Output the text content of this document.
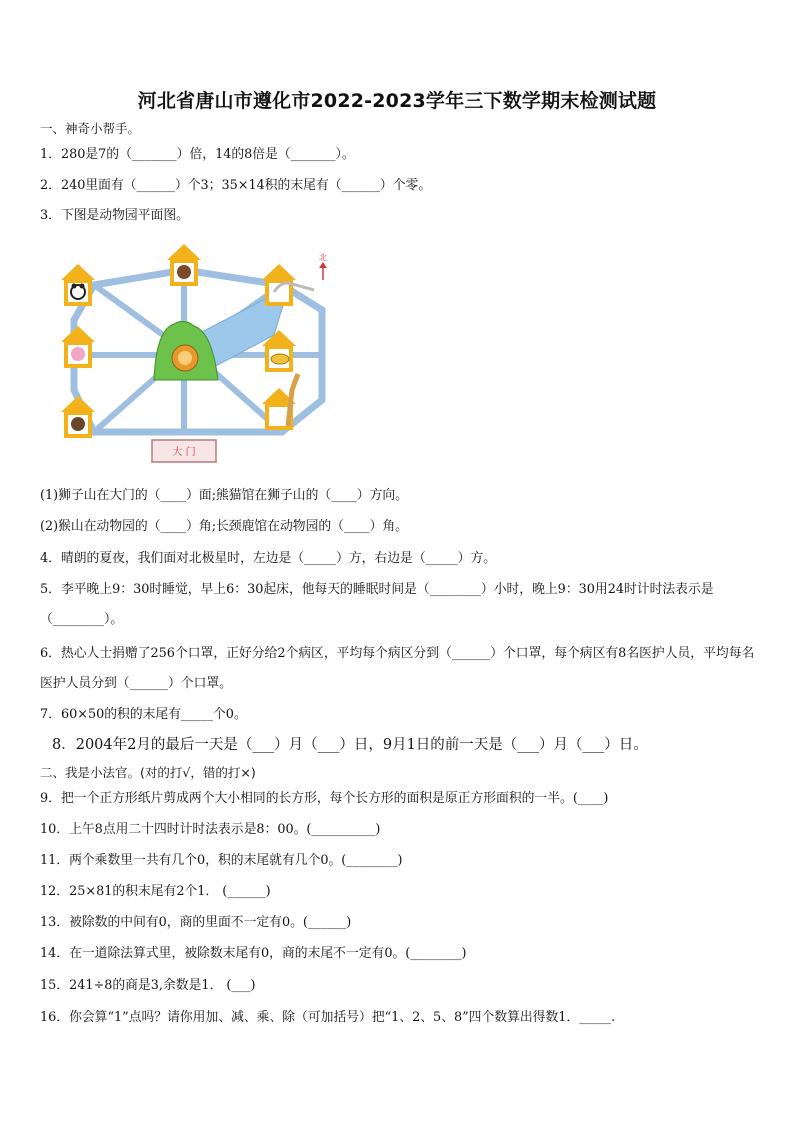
河北省唐山市遵化市2022-2023学年三下数学期末检测试题
一、神奇小帮手。
1．280是7的（_______）倍，14的8倍是（_______）。
2．240里面有（______）个3；35×14积的末尾有（______）个零。
3．下图是动物园平面图。
大 门
北
(1)狮子山在大门的（____）面;熊猫馆在狮子山的（____）方向。
(2)猴山在动物园的（____）角;长颈鹿馆在动物园的（____）角。
4．晴朗的夏夜，我们面对北极星时，左边是（_____）方，右边是（_____）方。
5．李平晚上9：30时睡觉，早上6：30起床，他每天的睡眠时间是（________）小时，晚上9：30用24时计时法表示是（________）。
6．热心人士捐赠了256个口罩，正好分给2个病区，平均每个病区分到（______）个口罩，每个病区有8名医护人员，平均每名医护人员分到（______）个口罩。
7．60×50的积的末尾有_____个0。
8．2004年2月的最后一天是（___）月（___）日，9月1日的前一天是（___）月（___）日。
二、我是小法官。(对的打√，错的打×)
9．把一个正方形纸片剪成两个大小相同的长方形，每个长方形的面积是原正方形面积的一半。(____)
10．上午8点用二十四时计时法表示是8：00。(__________)
11．两个乘数里一共有几个0，积的末尾就有几个0。(________)
12．25×81的积末尾有2个1． (______)
13．被除数的中间有0，商的里面不一定有0。(______)
14．在一道除法算式里，被除数末尾有0，商的末尾不一定有0。(________)
15．241÷8的商是3,余数是1． (___)
16．你会算“1”点吗？请你用加、减、乘、除（可加括号）把“1、2、5、8”四个数算出得数1．_____.
